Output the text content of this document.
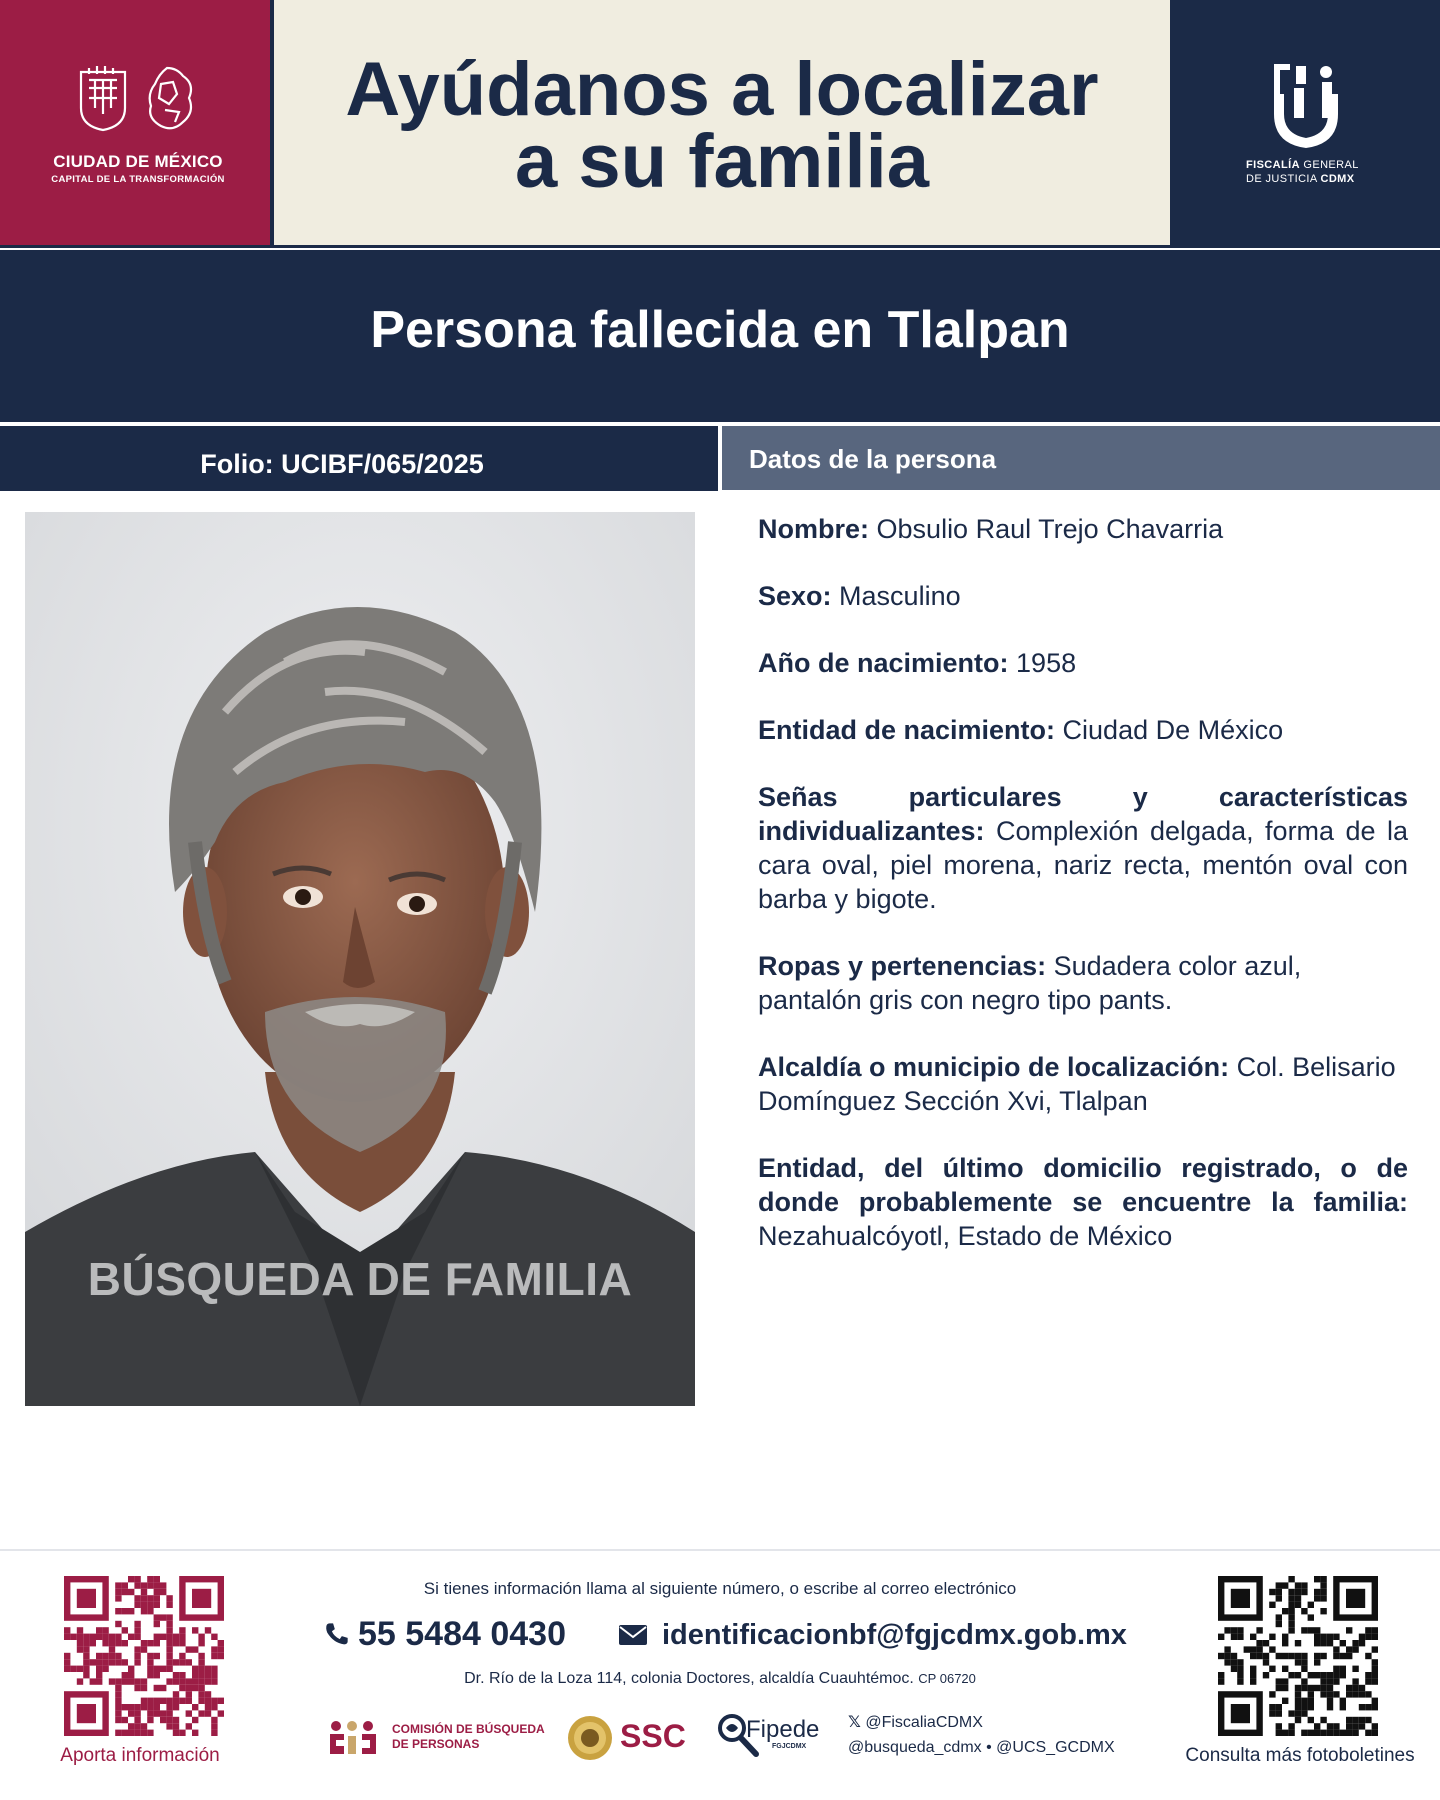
CIUDAD DE MÉXICO
CAPITAL DE LA TRANSFORMACIÓN
Ayúdanos a localizar
a su familia	FISCALÍA GENERAL
DE JUSTICIA CDMX
Persona fallecida en Tlalpan
Folio: UCIBF/065/2025	Datos de la persona
BÚSQUEDA DE FAMILIA
Nombre: Obsulio Raul Trejo Chavarria
Sexo: Masculino
Año de nacimiento: 1958
Entidad de nacimiento: Ciudad De México
Señas particulares y características individualizantes: Complexión delgada, forma de la cara oval, piel morena, nariz recta, mentón oval con barba y bigote.
Ropas y pertenencias: Sudadera color azul, pantalón gris con negro tipo pants.
Alcaldía o municipio de localización: Col. Belisario Domínguez Sección Xvi, Tlalpan
Entidad, del último domicilio registrado, o de donde probablemente se encuentre la familia: Nezahualcóyotl, Estado de México
Aporta información
Si tienes información llama al siguiente número, o escribe al correo electrónico
55 5484 0430	identificacionbf@fgjcdmx.gob.mx
Dr. Río de la Loza 114, colonia Doctores, alcaldía Cuauhtémoc. CP 06720
COMISIÓN DE BÚSQUEDA
DE PERSONAS	SSC	Fipede
FGJCDMX
𝕏 @FiscaliaCDMX
@busqueda_cdmx • @UCS_GCDMX	Consulta más fotoboletines
